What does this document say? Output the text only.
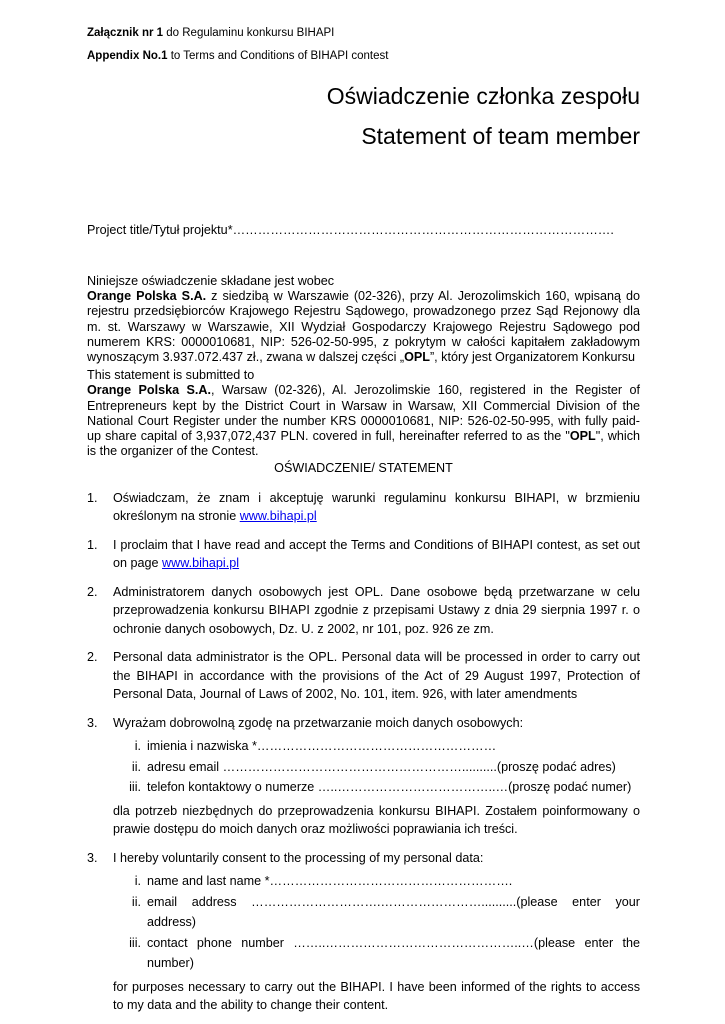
Załącznik nr 1 do Regulaminu konkursu BIHAPI
Appendix No.1 to Terms and Conditions of BIHAPI contest
Oświadczenie członka zespołu
Statement of team member
Project title/Tytuł projektu*……………………………………………………………………………….
Niniejsze oświadczenie składane jest wobec
Orange Polska S.A. z siedzibą w Warszawie (02-326), przy Al. Jerozolimskich 160, wpisaną do rejestru przedsiębiorców Krajowego Rejestru Sądowego, prowadzonego przez Sąd Rejonowy dla m. st. Warszawy w Warszawie, XII Wydział Gospodarczy Krajowego Rejestru Sądowego pod numerem KRS: 0000010681, NIP: 526-02-50-995, z pokrytym w całości kapitałem zakładowym wynoszącym 3.937.072.437 zł., zwana w dalszej części „OPL”, który jest Organizatorem Konkursu
This statement is submitted to
Orange Polska S.A., Warsaw (02-326), Al. Jerozolimskie 160, registered in the Register of Entrepreneurs kept by the District Court in Warsaw in Warsaw, XII Commercial Division of the National Court Register under the number KRS 0000010681, NIP: 526-02-50-995, with fully paid-up share capital of 3,937,072,437 PLN. covered in full, hereinafter referred to as the "OPL", which is the organizer of the Contest.
OŚWIADCZENIE/ STATEMENT
1. Oświadczam, że znam i akceptuję warunki regulaminu konkursu BIHAPI, w brzmieniu określonym na stronie www.bihapi.pl
1. I proclaim that I have read and accept the Terms and Conditions of BIHAPI contest, as set out on page www.bihapi.pl
2. Administratorem danych osobowych jest OPL. Dane osobowe będą przetwarzane w celu przeprowadzenia konkursu BIHAPI zgodnie z przepisami Ustawy z dnia 29 sierpnia 1997 r. o ochronie danych osobowych, Dz. U. z 2002, nr 101, poz. 926 ze zm.
2. Personal data administrator is the OPL. Personal data will be processed in order to carry out the BIHAPI in accordance with the provisions of the Act of 29 August 1997, Protection of Personal Data, Journal of Laws of 2002, No. 101, item. 926, with later amendments
3. Wyrażam dobrowolną zgodę na przetwarzanie moich danych osobowych:
i. imienia i nazwiska *…………………………………………………
ii. adresu email …………………………………………………..........(proszę podać adres)
iii. telefon kontaktowy o numerze …..………………………………..…(proszę podać numer)
dla potrzeb niezbędnych do przeprowadzenia konkursu BIHAPI. Zostałem poinformowany o prawie dostępu do moich danych oraz możliwości poprawiania ich treści.
3. I hereby voluntarily consent to the processing of my personal data:
i. name and last name *………………………………………………….
ii. email address ………………………….……………………..........(please enter your address)
iii. contact phone number ……..………………………………………..…(please enter the number)
for purposes necessary to carry out the BIHAPI. I have been informed of the rights to access to my data and the ability to change their content.
